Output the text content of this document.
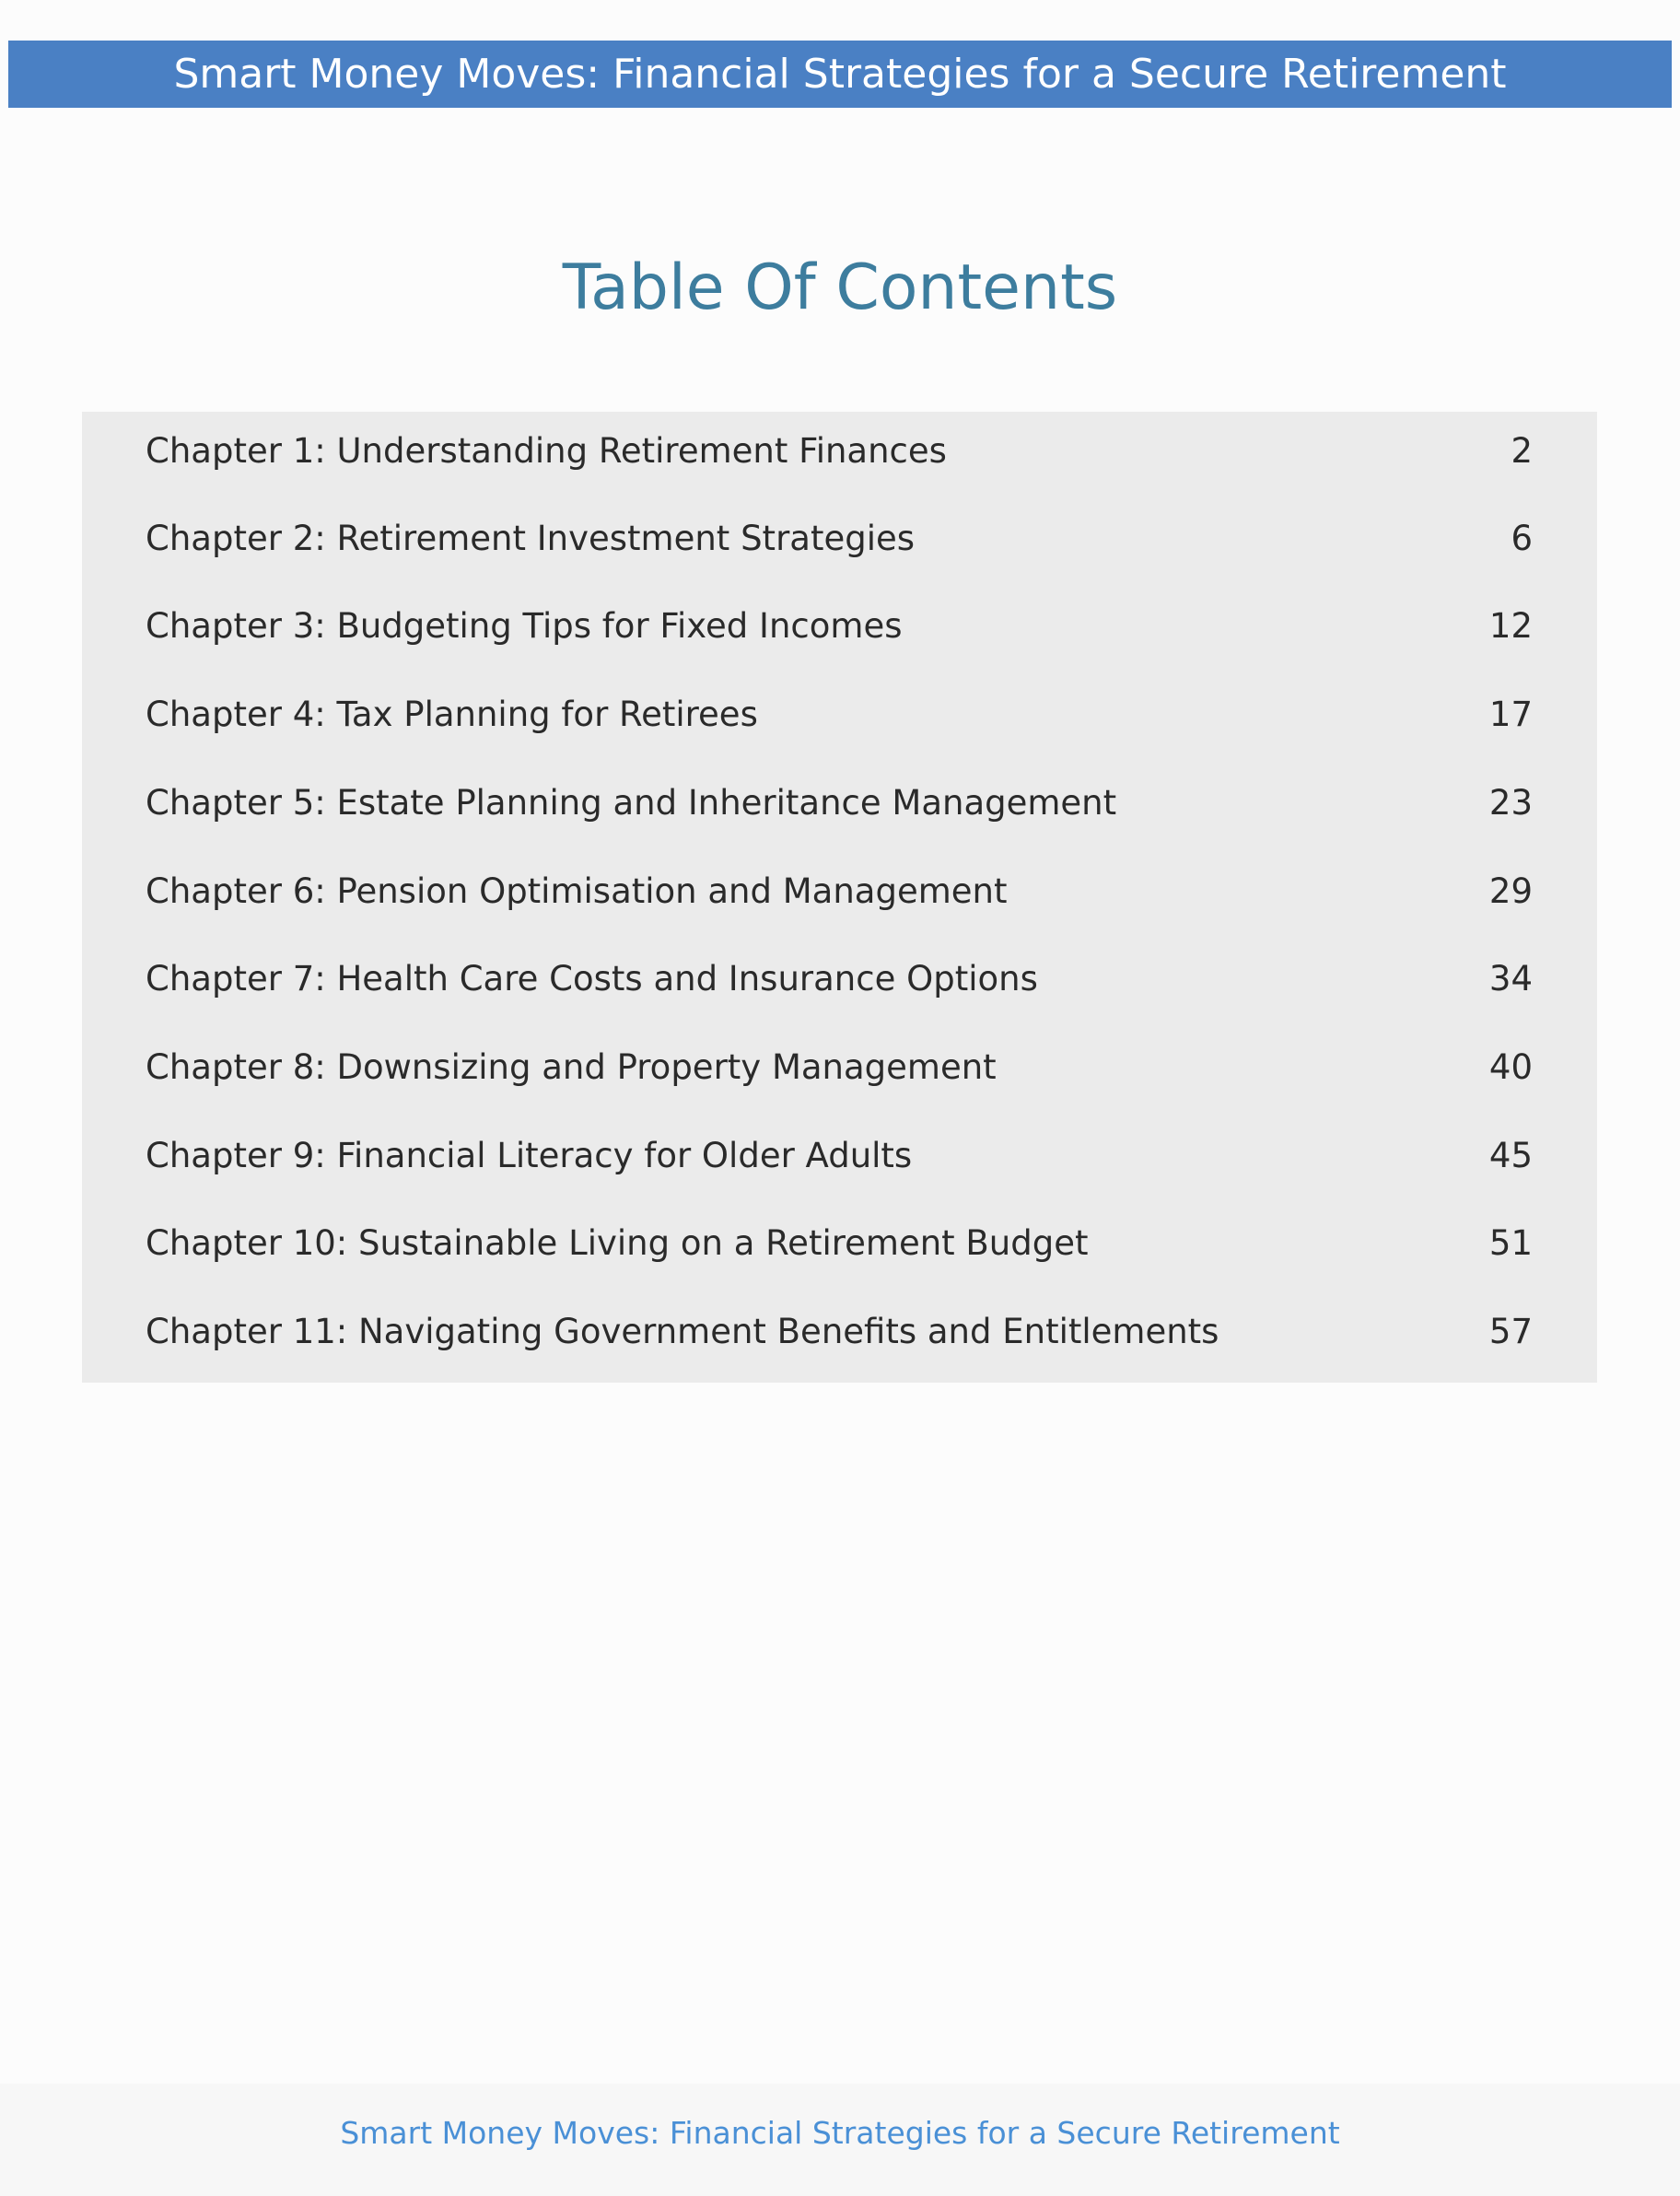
Smart Money Moves: Financial Strategies for a Secure Retirement
Table Of Contents
Chapter 1: Understanding Retirement Finances	2
Chapter 2: Retirement Investment Strategies	6
Chapter 3: Budgeting Tips for Fixed Incomes	12
Chapter 4: Tax Planning for Retirees	17
Chapter 5: Estate Planning and Inheritance Management	23
Chapter 6: Pension Optimisation and Management	29
Chapter 7: Health Care Costs and Insurance Options	34
Chapter 8: Downsizing and Property Management	40
Chapter 9: Financial Literacy for Older Adults	45
Chapter 10: Sustainable Living on a Retirement Budget	51
Chapter 11: Navigating Government Benefits and Entitlements	57
Smart Money Moves: Financial Strategies for a Secure Retirement
